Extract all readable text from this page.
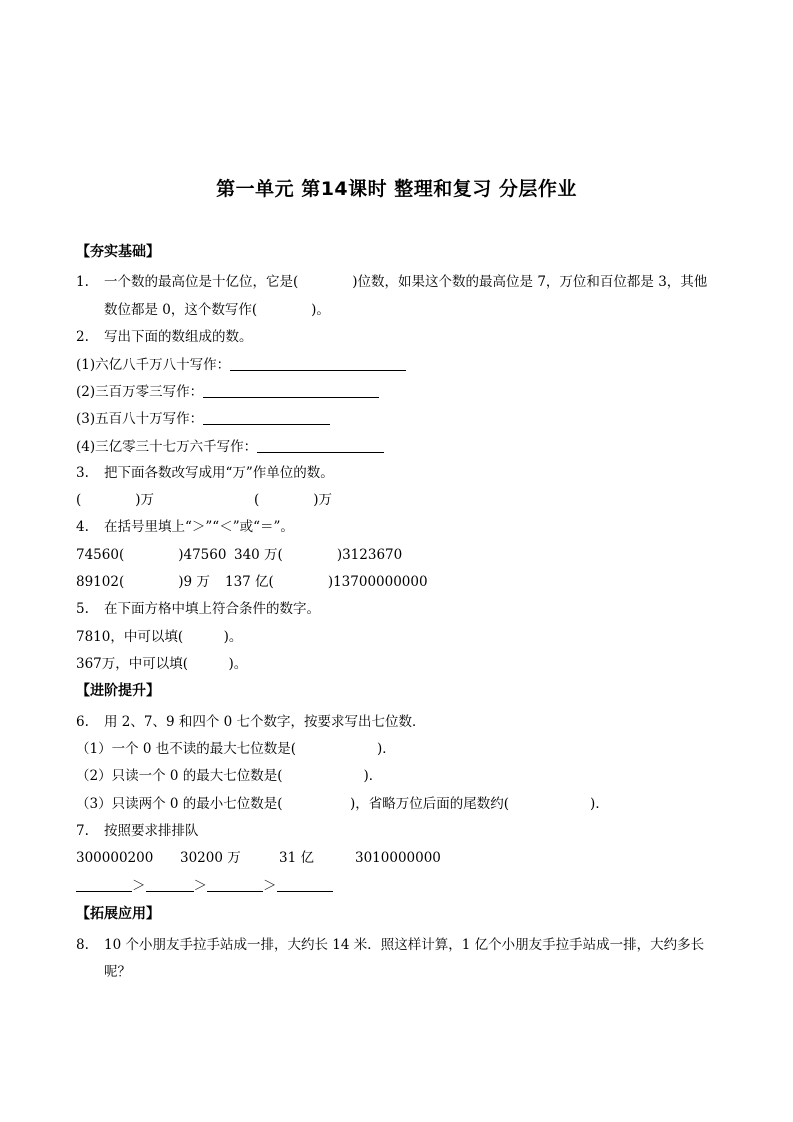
第一单元 第14课时 整理和复习 分层作业
【夯实基础】
1. 一个数的最高位是十亿位，它是(　　　　)位数，如果这个数的最高位是 7，万位和百位都是 3，其他
数位都是 0，这个数写作(　　　　)。
2. 写出下面的数组成的数。
(1)六亿八千万八十写作：
(2)三百万零三写作：
(3)五百八十万写作：
(4)三亿零三十七万六千写作：
3. 把下面各数改写成用“万”作单位的数。
(　　　　)万	(　　　　)万
4. 在括号里填上“＞”“＜”或“＝”。
74560(　　　　)47560 340 万(　　　　)3123670
89102(　　　　)9 万 137 亿(　　　　)13700000000
5. 在下面方格中填上符合条件的数字。
7810，中可以填(　　　)。
367万，中可以填(　　　)。
【进阶提升】
6. 用 2、7、9 和四个 0 七个数字，按要求写出七位数．
（1）一个 0 也不读的最大七位数是(　　　　　　)．
（2）只读一个 0 的最大七位数是(　　　　　　)．
（3）只读两个 0 的最小七位数是(　　　　　)，省略万位后面的尾数约(　　　　　　)．
7. 按照要求排排队
300000200 30200 万	31 亿	3010000000
＞	＞	＞
【拓展应用】
8. 10 个小朋友手拉手站成一排，大约长 14 米．照这样计算，1 亿个小朋友手拉手站成一排，大约多长
呢？
